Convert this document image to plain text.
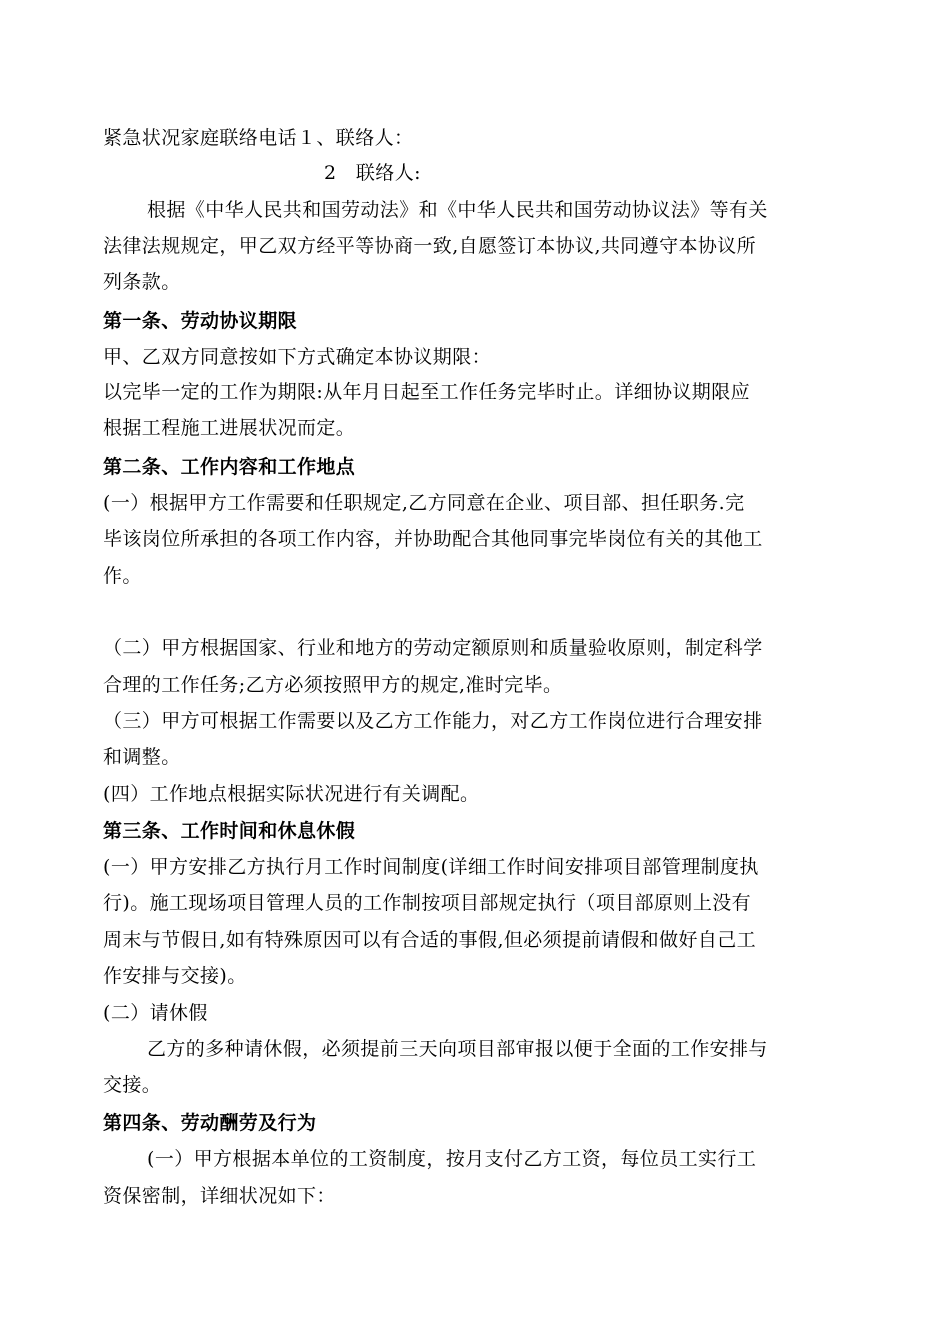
紧急状况家庭联络电话１、联络人：
2　联络人:
根据《中华人民共和国劳动法》和《中华人民共和国劳动协议法》等有关
法律法规规定，甲乙双方经平等协商一致,自愿签订本协议,共同遵守本协议所
列条款。
第一条、劳动协议期限
甲、乙双方同意按如下方式确定本协议期限：
以完毕一定的工作为期限:从年月日起至工作任务完毕时止。详细协议期限应
根据工程施工进展状况而定。
第二条、工作内容和工作地点
(一）根据甲方工作需要和任职规定,乙方同意在企业、项目部、担任职务.完
毕该岗位所承担的各项工作内容，并协助配合其他同事完毕岗位有关的其他工
作。
（二）甲方根据国家、行业和地方的劳动定额原则和质量验收原则，制定科学
合理的工作任务;乙方必须按照甲方的规定,准时完毕。
（三）甲方可根据工作需要以及乙方工作能力，对乙方工作岗位进行合理安排
和调整。
(四）工作地点根据实际状况进行有关调配。
第三条、工作时间和休息休假
(一）甲方安排乙方执行月工作时间制度(详细工作时间安排项目部管理制度执
行)。施工现场项目管理人员的工作制按项目部规定执行（项目部原则上没有
周末与节假日,如有特殊原因可以有合适的事假,但必须提前请假和做好自己工
作安排与交接)。
(二）请休假
乙方的多种请休假，必须提前三天向项目部审报以便于全面的工作安排与
交接。
第四条、劳动酬劳及行为
(一）甲方根据本单位的工资制度，按月支付乙方工资，每位员工实行工
资保密制，详细状况如下：
